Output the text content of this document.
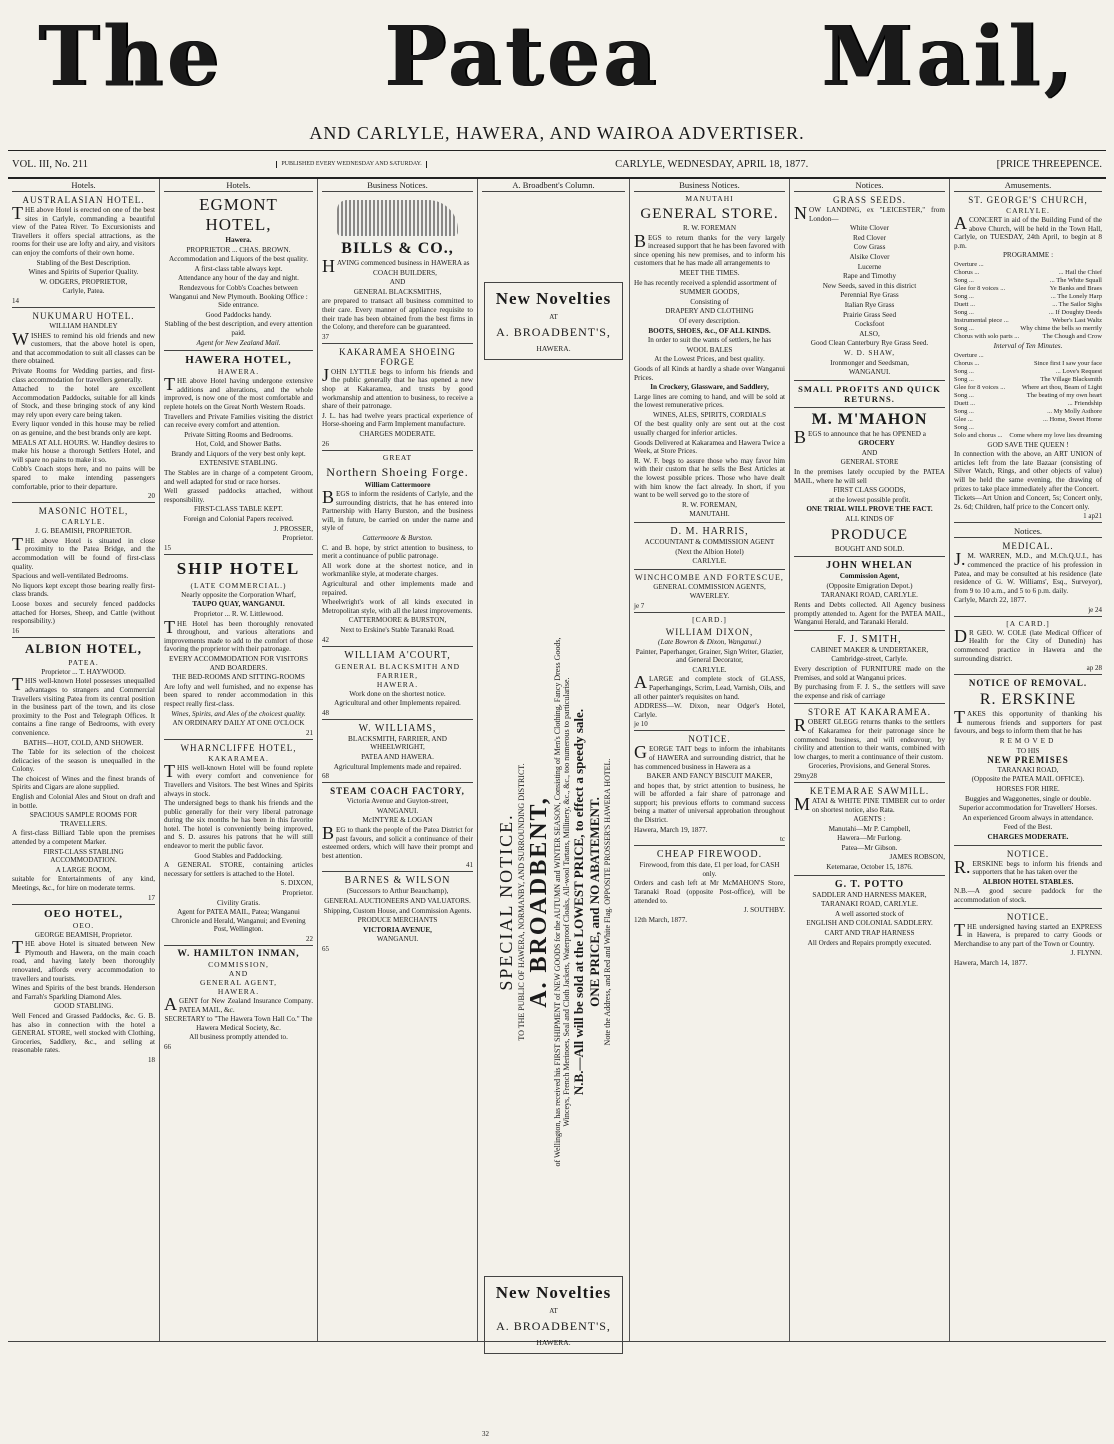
The Patea Mail,
AND CARLYLE, HAWERA, AND WAIROA ADVERTISER.
VOL. III, No. 211	PUBLISHED EVERY WEDNESDAY AND SATURDAY.	CARLYLE, WEDNESDAY, APRIL 18, 1877.	[PRICE THREEPENCE.
Hotels.
AUSTRALASIAN HOTEL.
THE above Hotel is erected on one of the best sites in Carlyle, commanding a beautiful view of the Patea River. To Excursionists and Travellers it offers special attractions, as the rooms for their use are lofty and airy, and visitors can enjoy the comforts of their own home.
Stabling of the Best Description.
Wines and Spirits of Superior Quality.
W. ODGERS, PROPRIETOR,
Carlyle, Patea.
14
NUKUMARU HOTEL.
WILLIAM HANDLEY
WISHES to remind his old friends and new customers, that the above hotel is open, and that accommodation to suit all classes can be there obtained.
Private Rooms for Wedding parties, and first-class accommodation for travellers generally.
Attached to the hotel are excellent Accommodation Paddocks, suitable for all kinds of Stock, and these bringing stock of any kind may rely upon every care being taken.
Every liquor vended in this house may be relied on as genuine, and the best brands only are kept.
MEALS AT ALL HOURS. W. Handley desires to make his house a thorough Settlers Hotel, and will spare no pains to make it so.
Cobb's Coach stops here, and no pains will be spared to make intending passengers comfortable, prior to their departure.
20
MASONIC HOTEL,
CARLYLE.
J. G. BEAMISH, PROPRIETOR.
THE above Hotel is situated in close proximity to the Patea Bridge, and the accommodation will be found of first-class quality.
Spacious and well-ventilated Bedrooms.
No liquors kept except those bearing really first-class brands.
Loose boxes and securely fenced paddocks attached for Horses, Sheep, and Cattle (without responsibility.)
16
ALBION HOTEL,
PATEA.
Proprietor ... T. HAYWOOD.
THIS well-known Hotel possesses unequalled advantages to strangers and Commercial Travellers visiting Patea from its central position in the business part of the town, and its close proximity to the Post and Telegraph Offices. It contains a fine range of Bedrooms, with every convenience.
BATHS—HOT, COLD, AND SHOWER.
The Table for its selection of the choicest delicacies of the season is unequalled in the Colony.
The choicest of Wines and the finest brands of Spirits and Cigars are alone supplied.
English and Colonial Ales and Stout on draft and in bottle.
SPACIOUS SAMPLE ROOMS FOR TRAVELLERS.
A first-class Billiard Table upon the premises attended by a competent Marker.
FIRST-CLASS STABLING ACCOMMODATION.
A LARGE ROOM,
suitable for Entertainments of any kind, Meetings, &c., for hire on moderate terms.
17
OEO HOTEL,
OEO.
GEORGE BEAMISH, Proprietor.
THE above Hotel is situated between New Plymouth and Hawera, on the main coach road, and having lately been thoroughly renovated, affords every accommodation to travellers and tourists.
Wines and Spirits of the best brands. Henderson and Farrah's Sparkling Diamond Ales.
GOOD STABLING.
Well Fenced and Grassed Paddocks, &c. G. B. has also in connection with the hotel a GENERAL STORE, well stocked with Clothing, Groceries, Saddlery, &c., and selling at reasonable rates.
18
Hotels.
EGMONT HOTEL,
Hawera.
PROPRIETOR ... CHAS. BROWN.
Accommodation and Liquors of the best quality.
A first-class table always kept.
Attendance any hour of the day and night.
Rendezvous for Cobb's Coaches between Wanganui and New Plymouth. Booking Office : Side entrance.
Good Paddocks handy.
Stabling of the best description, and every attention paid.
Agent for New Zealand Mail.
HAWERA HOTEL,
HAWERA.
THE above Hotel having undergone extensive additions and alterations, and the whole improved, is now one of the most comfortable and replete hotels on the Great North Western Roads.
Travellers and Private Families visiting the district can receive every comfort and attention.
Private Sitting Rooms and Bedrooms.
Hot, Cold, and Shower Baths.
Brandy and Liquors of the very best only kept.
EXTENSIVE STABLING.
The Stables are in charge of a competent Groom, and well adapted for stud or race horses.
Well grassed paddocks attached, without responsibility.
FIRST-CLASS TABLE KEPT.
Foreign and Colonial Papers received.
J. PROSSER,
Proprietor.
15
SHIP HOTEL
(LATE COMMERCIAL.)
Nearly opposite the Corporation Wharf,
TAUPO QUAY, WANGANUI.
Proprietor ... R. W. Littlewood.
THE Hotel has been thoroughly renovated throughout, and various alterations and improvements made to add to the comfort of those favoring the proprietor with their patronage.
EVERY ACCOMMODATION FOR VISITORS AND BOARDERS.
THE BED-ROOMS AND SITTING-ROOMS
Are lofty and well furnished, and no expense has been spared to render accommodation in this respect really first-class.
Wines, Spirits, and Ales of the choicest quality.
AN ORDINARY DAILY AT ONE O'CLOCK
21
WHARNCLIFFE HOTEL,
KAKARAMEA.
THIS well-known Hotel will be found replete with every comfort and convenience for Travellers and Visitors. The best Wines and Spirits always in stock.
The undersigned begs to thank his friends and the public generally for their very liberal patronage during the six months he has been in this favorite hotel. The hotel is conveniently being improved, and S. D. assures his patrons that he will still endeavor to merit the public favor.
Good Stables and Paddocking.
A GENERAL STORE, containing articles necessary for settlers is attached to the Hotel.
S. DIXON,
Proprietor.
Civility Gratis.
Agent for PATEA MAIL, Patea; Wanganui Chronicle and Herald, Wanganui; and Evening Post, Wellington.
22
W. HAMILTON INMAN,
COMMISSION,
AND
GENERAL AGENT,
HAWERA.
AGENT for New Zealand Insurance Company. PATEA MAIL, &c.
SECRETARY to "The Hawera Town Hall Co." The Hawera Medical Society, &c.
All business promptly attended to.
66
Business Notices.
BILLS & CO.,
HAVING commenced business in HAWERA as
COACH BUILDERS,
AND
GENERAL BLACKSMITHS,
are prepared to transact all business committed to their care. Every manner of appliance requisite to their trade has been obtained from the best firms in the Colony, and therefore can be guaranteed.
37
KAKARAMEA SHOEING FORGE
JOHN LYTTLE begs to inform his friends and the public generally that he has opened a new shop at Kakaramea, and trusts by good workmanship and attention to business, to receive a share of their patronage.
J. L. has had twelve years practical experience of Horse-shoeing and Farm Implement manufacture.
CHARGES MODERATE.
26
GREAT
Northern Shoeing Forge.
William Cattermoore
BEGS to inform the residents of Carlyle, and the surrounding districts, that he has entered into Partnership with Harry Burston, and the business will, in future, be carried on under the name and style of
Cattermoore & Burston.
C. and B. hope, by strict attention to business, to merit a continuance of public patronage.
All work done at the shortest notice, and in workmanlike style, at moderate charges.
Agricultural and other implements made and repaired.
Wheelwright's work of all kinds executed in Metropolitan style, with all the latest improvements.
CATTERMOORE & BURSTON,
Next to Erskine's Stable Taranaki Road.
42
WILLIAM A'COURT,
GENERAL BLACKSMITH AND
FARRIER,
HAWERA.
Work done on the shortest notice.
Agricultural and other Implements repaired.
48
W. WILLIAMS,
BLACKSMITH, FARRIER, AND WHEELWRIGHT,
PATEA AND HAWERA.
Agricultural Implements made and repaired.
68
STEAM COACH FACTORY,
Victoria Avenue and Guyton-street,
WANGANUI.
McINTYRE & LOGAN
BEG to thank the people of the Patea District for past favours, and solicit a continuance of their esteemed orders, which will have their prompt and best attention.
41
BARNES & WILSON
(Successors to Arthur Beauchamp),
GENERAL AUCTIONEERS AND VALUATORS.
Shipping, Custom House, and Commission Agents.
PRODUCE MERCHANTS
VICTORIA AVENUE,
WANGANUI.
65
A. Broadbent's Column.
New Novelties
AT
A. BROADBENT'S,
HAWERA.
SPECIAL NOTICE. TO THE PUBLIC OF HAWERA, NORMANBY, AND SURROUNDING DISTRICT. A. BROADBENT, of Wellington, has received his FIRST SHIPMENT of NEW GOODS for the AUTUMN and WINTER SEASON, Consisting of Men's Clothing, Fancy Dress Goods, Winceys, French Merinoes, Seal and Cloth Jackets, Waterproof Cloaks, All-wool Tartans, Millinery, &c., &c., too numerous to particularise. N.B.—All will be sold at the LOWEST PRICE, to effect a speedy sale. ONE PRICE, and NO ABATEMENT. Note the Address, and Red and White Flag. OPPOSITE PROSSER'S HAWERA HOTEL.
New Novelties
AT
A. BROADBENT'S,
HAWERA.
32
Business Notices.
MANUTAHI
GENERAL STORE.
R. W. FOREMAN
BEGS to return thanks for the very largely increased support that he has been favored with since opening his new premises, and to inform his customers that he has made all arrangements to
MEET THE TIMES.
He has recently received a splendid assortment of
SUMMER GOODS,
Consisting of
DRAPERY AND CLOTHING
Of every description.
BOOTS, SHOES, &c., OF ALL KINDS.
In order to suit the wants of settlers, he has
WOOL BALES
At the Lowest Prices, and best quality.
Goods of all Kinds at hardly a shade over Wanganui Prices.
In Crockery, Glassware, and Saddlery,
Large lines are coming to hand, and will be sold at the lowest remunerative prices.
WINES, ALES, SPIRITS, CORDIALS
Of the best quality only are sent out at the cost usually charged for inferior articles.
Goods Delivered at Kakaramea and Hawera Twice a Week, at Store Prices.
R. W. F. begs to assure those who may favor him with their custom that he sells the Best Articles at the lowest possible prices. Those who have dealt with him know the fact already. In short, if you want to be well served go to the store of
R. W. FOREMAN,
MANUTAHI.
D. M. HARRIS,
ACCOUNTANT & COMMISSION AGENT
(Next the Albion Hotel)
CARLYLE.
WINCHCOMBE AND FORTESCUE,
GENERAL COMMISSION AGENTS,
WAVERLEY.
je 7
[CARD.]
WILLIAM DIXON,
(Late Bowron & Dixon, Wanganui.)
Painter, Paperhanger, Grainer, Sign Writer, Glazier, and General Decorator,
CARLYLE.
ALARGE and complete stock of GLASS, Paperhangings, Scrim, Lead, Varnish, Oils, and all other painter's requisites on hand.
ADDRESS—W. Dixon, near Odger's Hotel, Carlyle.
je 10
NOTICE.
GEORGE TAIT begs to inform the inhabitants of HAWERA and surrounding district, that he has commenced business in Hawera as a
BAKER AND FANCY BISCUIT MAKER,
and hopes that, by strict attention to business, he will be afforded a fair share of patronage and support; his previous efforts to command success being a matter of universal approbation throughout the District.
Hawera, March 19, 1877.
tc
CHEAP FIREWOOD.
Firewood, from this date, £1 per load, for CASH only.
Orders and cash left at Mr McMAHON'S Store, Taranaki Road (opposite Post-office), will be attended to.
J. SOUTHBY.
12th March, 1877.
Notices.
GRASS SEEDS.
NOW LANDING, ex "LEICESTER," from London—
White Clover
Red Clover
Cow Grass
Alsike Clover
Lucerne
Rape and Timothy
New Seeds, saved in this district
Perennial Rye Grass
Italian Rye Grass
Prairie Grass Seed
Cocksfoot
ALSO,
Good Clean Canterbury Rye Grass Seed.
W. D. SHAW,
Ironmonger and Seedsman,
WANGANUI.
SMALL PROFITS AND QUICK RETURNS.
M. M'MAHON
BEGS to announce that he has OPENED a
GROCERY
AND
GENERAL STORE
In the premises lately occupied by the PATEA MAIL, where he will sell
FIRST CLASS GOODS,
at the lowest possible profit.
ONE TRIAL WILL PROVE THE FACT.
ALL KINDS OF
PRODUCE
BOUGHT AND SOLD.
JOHN WHELAN
Commission Agent,
(Opposite Emigration Depot.)
TARANAKI ROAD, CARLYLE.
Rents and Debts collected. All Agency business promptly attended to. Agent for the PATEA MAIL, Wanganui Herald, and Taranaki Herald.
F. J. SMITH,
CABINET MAKER & UNDERTAKER,
Cambridge-street, Carlyle.
Every description of FURNITURE made on the Premises, and sold at Wanganui prices.
By purchasing from F. J. S., the settlers will save the expense and risk of carriage
STORE AT KAKARAMEA.
ROBERT GLEGG returns thanks to the settlers of Kakaramea for their patronage since he commenced business, and will endeavour, by civility and attention to their wants, combined with low charges, to merit a continuance of their custom.
Groceries, Provisions, and General Stores.
29my28
KETEMARAE SAWMILL.
MATAI & WHITE PINE TIMBER cut to order on shortest notice, also Rata.
AGENTS :
Manutahi—Mr P. Campbell,
Hawera—Mr Furlong.
Patea—Mr Gibson.
JAMES ROBSON,
Ketemarae, October 15, 1876.
G. T. POTTO
SADDLER AND HARNESS MAKER,
TARANAKI ROAD, CARLYLE.
A well assorted stock of
ENGLISH AND COLONIAL SADDLERY.
CART AND TRAP HARNESS
All Orders and Repairs promptly executed.
Amusements.
ST. GEORGE'S CHURCH,
CARLYLE.
ACONCERT in aid of the Building Fund of the above Church, will be held in the Town Hall, Carlyle, on TUESDAY, 24th April, to begin at 8 p.m.
PROGRAMME :
Overture ...
Chorus ...	... Hail the Chief
Song ...	... The White Squall
Glee for 8 voices ...	Ye Banks and Braes
Song ...	... The Lonely Harp
Duett ...	... The Sailor Sighs
Song ...	... If Doughty Deeds
Instrumental piece ...	Weber's Last Waltz
Song ...	Why chime the bells so merrily
Chorus with solo parts ...	The Chough and Crow
Interval of Ten Minutes.
Overture ...
Chorus ...	Since first I saw your face
Song ...	... Love's Request
Song ...	The Village Blacksmith
Glee for 8 voices ...	Where art thou, Beam of Light
Song ...	The beating of my own heart
Duett ...	... Friendship
Song ...	... My Molly Asthore
Glee ...	... Home, Sweet Home
Song ...
Solo and chorus ... Come where my love lies dreaming
GOD SAVE THE QUEEN !
In connection with the above, an ART UNION of articles left from the late Bazaar (consisting of Silver Watch, Rings, and other objects of value) will be held the same evening, the drawing of prizes to take place immediately after the Concert.
Tickets—Art Union and Concert, 5s; Concert only, 2s. 6d; Children, half price to the Concert only.
1 ap21
Notices.
MEDICAL.
J.M. WARREN, M.D., and M.Ch.Q.U.I., has commenced the practice of his profession in Patea, and may be consulted at his residence (late residence of G. W. Williams', Esq., Surveyor), from 9 to 10 a.m., and 5 to 6 p.m. daily.
Carlyle, March 22, 1877.
je 24
[A CARD.]
DR GEO. W. COLE (late Medical Officer of Health for the City of Dunedin) has commenced practice in Hawera and the surrounding district.
ap 28
NOTICE OF REMOVAL.
R. ERSKINE
TAKES this opportunity of thanking his numerous friends and supporters for past favours, and begs to inform them that he has
REMOVED
TO HIS
NEW PREMISES
TARANAKI ROAD,
(Opposite the PATEA MAIL OFFICE).
HORSES FOR HIRE.
Buggies and Waggonettes, single or double.
Superior accommodation for Travellers' Horses.
An experienced Groom always in attendance.
Feed of the Best.
CHARGES MODERATE.
NOTICE.
R.ERSKINE begs to inform his friends and supporters that he has taken over the
ALBION HOTEL STABLES.
N.B.—A good secure paddock for the accommodation of stock.
NOTICE.
THE undersigned having started an EXPRESS in Hawera, is prepared to carry Goods or Merchandise to any part of the Town or Country.
J. FLYNN.
Hawera, March 14, 1877.
